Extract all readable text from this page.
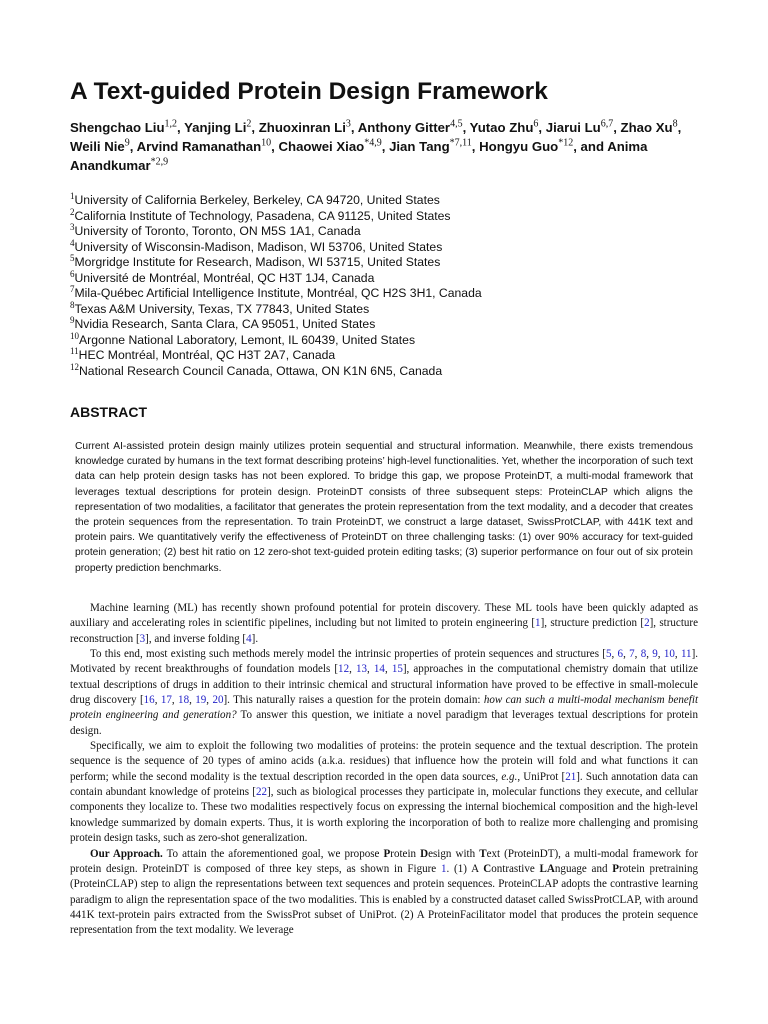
A Text-guided Protein Design Framework
Shengchao Liu$^{1,2}$, Yanjing Li$^2$, Zhuoxinran Li$^3$, Anthony Gitter$^{4,5}$, Yutao Zhu$^6$, Jiarui Lu$^{6,7}$, Zhao Xu$^8$, Weili Nie$^9$, Arvind Ramanathan$^{10}$, Chaowei Xiao$^{*4,9}$, Jian Tang$^{*7,11}$, Hongyu Guo$^{*12}$, and Anima Anandkumar$^{*2,9}$
$^1$University of California Berkeley, Berkeley, CA 94720, United States
$^2$California Institute of Technology, Pasadena, CA 91125, United States
$^3$University of Toronto, Toronto, ON M5S 1A1, Canada
$^4$University of Wisconsin-Madison, Madison, WI 53706, United States
$^5$Morgridge Institute for Research, Madison, WI 53715, United States
$^6$Université de Montréal, Montréal, QC H3T 1J4, Canada
$^7$Mila-Québec Artificial Intelligence Institute, Montréal, QC H2S 3H1, Canada
$^8$Texas A&M University, Texas, TX 77843, United States
$^9$Nvidia Research, Santa Clara, CA 95051, United States
$^{10}$Argonne National Laboratory, Lemont, IL 60439, United States
$^{11}$HEC Montréal, Montréal, QC H3T 2A7, Canada
$^{12}$National Research Council Canada, Ottawa, ON K1N 6N5, Canada
ABSTRACT

Current AI-assisted protein design mainly utilizes protein sequential and structural information. Meanwhile, there exists tremendous knowledge curated by humans in the text format describing proteins’ high-level functionalities. Yet, whether the incorporation of such text data can help protein design tasks has not been explored. To bridge this gap, we propose ProteinDT, a multi-modal framework that leverages textual descriptions for protein design. ProteinDT consists of three subsequent steps: ProteinCLAP which aligns the representation of two modalities, a facilitator that generates the protein representation from the text modality, and a decoder that creates the protein sequences from the representation. To train ProteinDT, we construct a large dataset, SwissProtCLAP, with 441K text and protein pairs. We quantitatively verify the effectiveness of ProteinDT on three challenging tasks: (1) over 90% accuracy for text-guided protein generation; (2) best hit ratio on 12 zero-shot text-guided protein editing tasks; (3) superior performance on four out of six protein property prediction benchmarks.

Machine learning (ML) has recently shown profound potential for protein discovery. These ML tools have been quickly adapted as auxiliary and accelerating roles in scientific pipelines, including but not limited to protein engineering [1], structure prediction [2], structure reconstruction [3], and inverse folding [4].

To this end, most existing such methods merely model the intrinsic properties of protein sequences and structures [5, 6, 7, 8, 9, 10, 11]. Motivated by recent breakthroughs of foundation models [12, 13, 14, 15], approaches in the computational chemistry domain that utilize textual descriptions of drugs in addition to their intrinsic chemical and structural information have proved to be effective in small-molecule drug discovery [16, 17, 18, 19, 20]. This naturally raises a question for the protein domain: how can such a multi-modal mechanism benefit protein engineering and generation? To answer this question, we initiate a novel paradigm that leverages textual descriptions for protein design.

Specifically, we aim to exploit the following two modalities of proteins: the protein sequence and the textual description. The protein sequence is the sequence of 20 types of amino acids (a.k.a. residues) that influence how the protein will fold and what functions it can perform; while the second modality is the textual description recorded in the open data sources, e.g., UniProt [21]. Such annotation data can contain abundant knowledge of proteins [22], such as biological processes they participate in, molecular functions they execute, and cellular components they localize to. These two modalities respectively focus on expressing the internal biochemical composition and the high-level knowledge summarized by domain experts. Thus, it is worth exploring the incorporation of both to realize more challenging and promising protein design tasks, such as zero-shot generalization.

Our Approach. To attain the aforementioned goal, we propose Protein Design with Text (ProteinDT), a multi-modal framework for protein design. ProteinDT is composed of three key steps, as shown in Figure 1. (1) A Contrastive LAnguage and Protein pretraining (ProteinCLAP) step to align the representations between text sequences and protein sequences. ProteinCLAP adopts the contrastive learning paradigm to align the representation space of the two modalities. This is enabled by a constructed dataset called SwissProtCLAP, with around 441K text-protein pairs extracted from the SwissProt subset of UniProt. (2) A ProteinFacilitator model that produces the protein sequence representation from the text modality. We leverage
